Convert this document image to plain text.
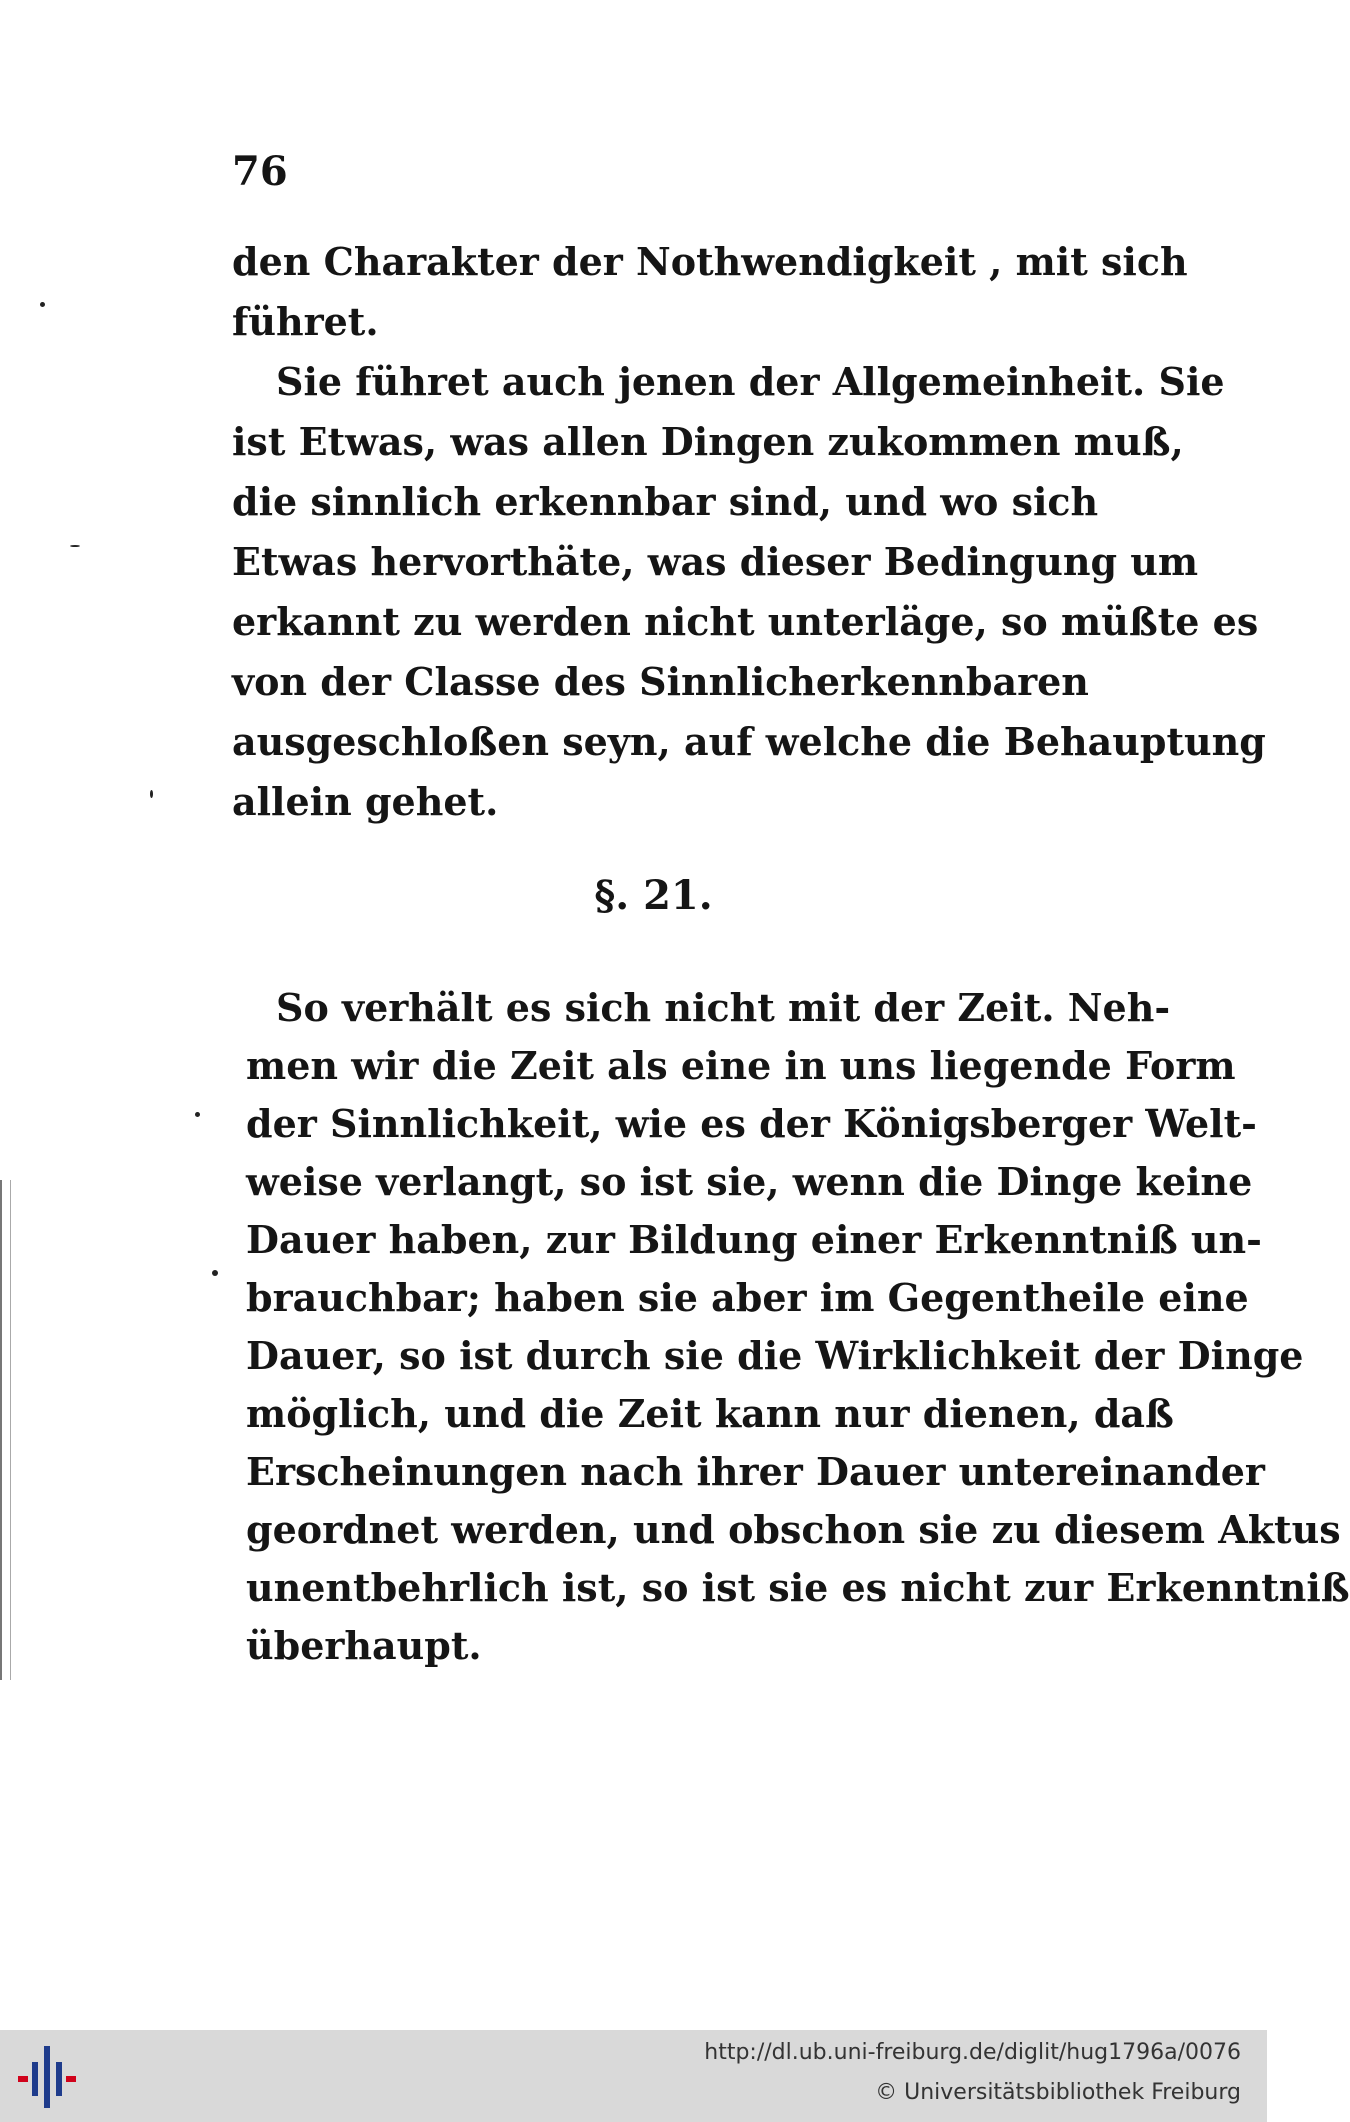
76
den Charakter der Nothwendigkeit , mit sich
führet.
Sie führet auch jenen der Allgemeinheit. Sie
ist Etwas, was allen Dingen zukommen muß,
die sinnlich erkennbar sind, und wo sich
Etwas hervorthäte, was dieser Bedingung um
erkannt zu werden nicht unterläge, so müßte es
von der Classe des Sinnlicherkennbaren
ausgeschloßen seyn, auf welche die Behauptung
allein gehet.
§. 21.
So verhält es sich nicht mit der Zeit. Neh-
men wir die Zeit als eine in uns liegende Form
der Sinnlichkeit, wie es der Königsberger Welt-
weise verlangt, so ist sie, wenn die Dinge keine
Dauer haben, zur Bildung einer Erkenntniß un-
brauchbar; haben sie aber im Gegentheile eine
Dauer, so ist durch sie die Wirklichkeit der Dinge
möglich, und die Zeit kann nur dienen, daß
Erscheinungen nach ihrer Dauer untereinander
geordnet werden, und obschon sie zu diesem Aktus
unentbehrlich ist, so ist sie es nicht zur Erkenntniß
überhaupt.
http://dl.ub.uni-freiburg.de/diglit/hug1796a/0076
© Universitätsbibliothek Freiburg
